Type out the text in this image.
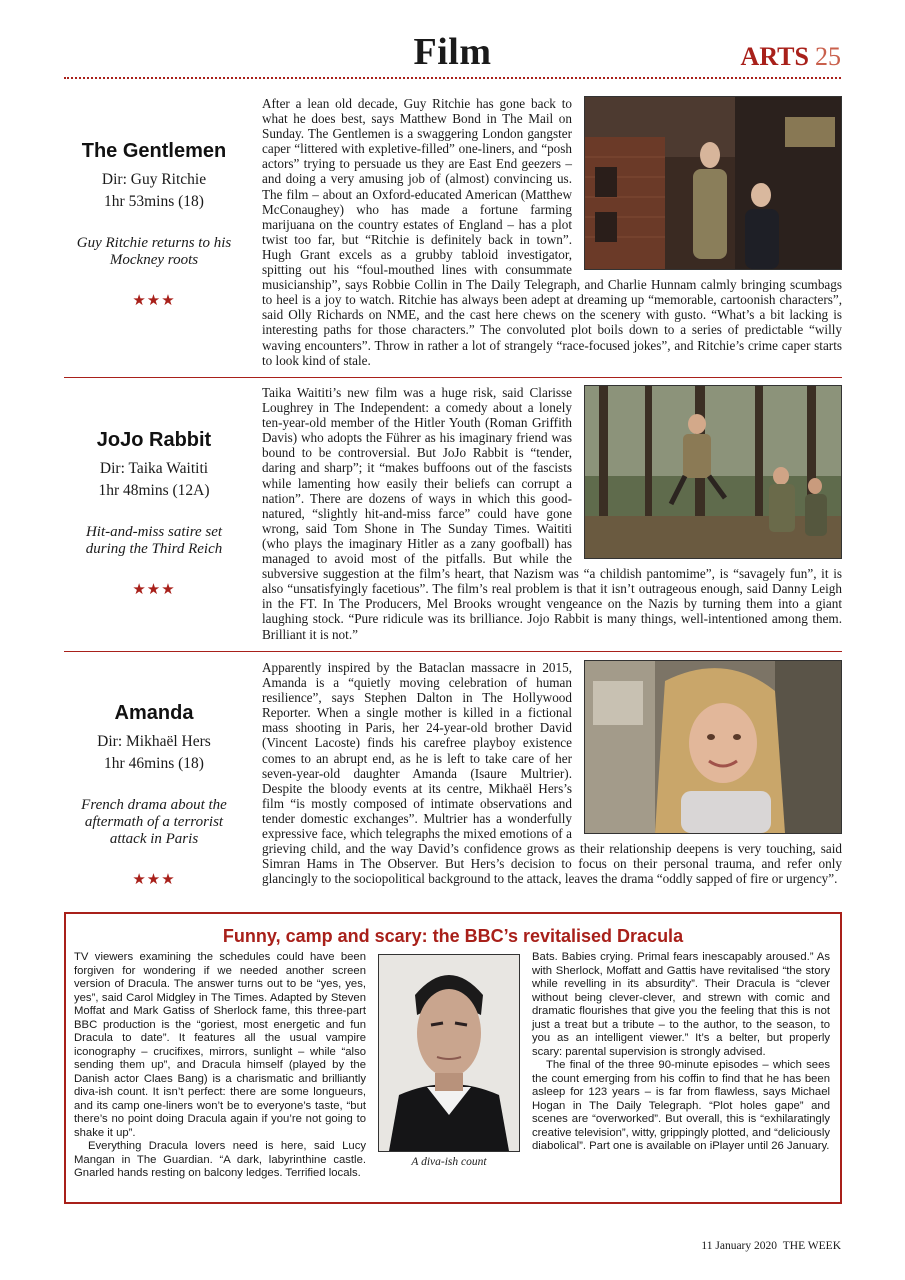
Film	ARTS 25
The Gentlemen
Dir: Guy Ritchie
1hr 53mins (18)
Guy Ritchie returns to his Mockney roots
★★★
After a lean old decade, Guy Ritchie has gone back to what he does best, says Matthew Bond in The Mail on Sunday. The Gentlemen is a swaggering London gangster caper “littered with expletive-filled” one-liners, and “posh actors” trying to persuade us they are East End geezers – and doing a very amusing job of (almost) convincing us. The film – about an Oxford-educated American (Matthew McConaughey) who has made a fortune farming marijuana on the country estates of England – has a plot twist too far, but “Ritchie is definitely back in town”. Hugh Grant excels as a grubby tabloid investigator, spitting out his “foul-mouthed lines with consummate musicianship”, says Robbie Collin in The Daily Telegraph, and Charlie Hunnam calmly bringing scumbags to heel is a joy to watch. Ritchie has always been adept at dreaming up “memorable, cartoonish characters”, said Olly Richards on NME, and the cast here chews on the scenery with gusto. “What’s a bit lacking is interesting paths for those characters.” The convoluted plot boils down to a series of predictable “willy waving encounters”. Throw in rather a lot of strangely “race-focused jokes”, and Ritchie’s crime caper starts to look kind of stale.
JoJo Rabbit
Dir: Taika Waititi
1hr 48mins (12A)
Hit-and-miss satire set during the Third Reich
★★★
Taika Waititi’s new film was a huge risk, said Clarisse Loughrey in The Independent: a comedy about a lonely ten-year-old member of the Hitler Youth (Roman Griffith Davis) who adopts the Führer as his imaginary friend was bound to be controversial. But JoJo Rabbit is “tender, daring and sharp”; it “makes buffoons out of the fascists while lamenting how easily their beliefs can corrupt a nation”. There are dozens of ways in which this good-natured, “slightly hit-and-miss farce” could have gone wrong, said Tom Shone in The Sunday Times. Waititi (who plays the imaginary Hitler as a zany goofball) has managed to avoid most of the pitfalls. But while the subversive suggestion at the film’s heart, that Nazism was “a childish pantomime”, is “savagely fun”, it is also “unsatisfyingly facetious”. The film’s real problem is that it isn’t outrageous enough, said Danny Leigh in the FT. In The Producers, Mel Brooks wrought vengeance on the Nazis by turning them into a giant laughing stock. “Pure ridicule was its brilliance. Jojo Rabbit is many things, well-intentioned among them. Brilliant it is not.”
Amanda
Dir: Mikhaël Hers
1hr 46mins (18)
French drama about the aftermath of a terrorist attack in Paris
★★★
Apparently inspired by the Bataclan massacre in 2015, Amanda is a “quietly moving celebration of human resilience”, says Stephen Dalton in The Hollywood Reporter. When a single mother is killed in a fictional mass shooting in Paris, her 24-year-old brother David (Vincent Lacoste) finds his carefree playboy existence comes to an abrupt end, as he is left to take care of her seven-year-old daughter Amanda (Isaure Multrier). Despite the bloody events at its centre, Mikhaël Hers’s film “is mostly composed of intimate observations and tender domestic exchanges”. Multrier has a wonderfully expressive face, which telegraphs the mixed emotions of a grieving child, and the way David’s confidence grows as their relationship deepens is very touching, said Simran Hams in The Observer. But Hers’s decision to focus on their personal trauma, and refer only glancingly to the sociopolitical background to the attack, leaves the drama “oddly sapped of fire or urgency”.
Funny, camp and scary: the BBC’s revitalised Dracula

TV viewers examining the schedules could have been forgiven for wondering if we needed another screen version of Dracula. The answer turns out to be “yes, yes, yes”, said Carol Midgley in The Times. Adapted by Steven Moffat and Mark Gatiss of Sherlock fame, this three-part BBC production is the “goriest, most energetic and fun Dracula to date”. It features all the usual vampire iconography – crucifixes, mirrors, sunlight – while “also sending them up”, and Dracula himself (played by the Danish actor Claes Bang) is a charismatic and brilliantly diva-ish count. It isn’t perfect: there are some longueurs, and its camp one-liners won’t be to everyone’s taste, “but there’s no point doing Dracula again if you’re not going to shake it up”.

Everything Dracula lovers need is here, said Lucy Mangan in The Guardian. “A dark, labyrinthine castle. Gnarled hands resting on balcony ledges. Terrified locals.

A diva-ish count

Bats. Babies crying. Primal fears inescapably aroused.” As with Sherlock, Moffatt and Gattis have revitalised “the story while revelling in its absurdity”. Their Dracula is “clever without being clever-clever, and strewn with comic and dramatic flourishes that give you the feeling that this is not just a treat but a tribute – to the author, to the season, to you as an intelligent viewer.” It’s a belter, but properly scary: parental supervision is strongly advised.

The final of the three 90-minute episodes – which sees the count emerging from his coffin to find that he has been asleep for 123 years – is far from flawless, says Michael Hogan in The Daily Telegraph. “Plot holes gape” and scenes are “overworked”. But overall, this is “exhilaratingly creative television”, witty, grippingly plotted, and “deliciously diabolical”. Part one is available on iPlayer until 26 January.

11 January 2020 THE WEEK
